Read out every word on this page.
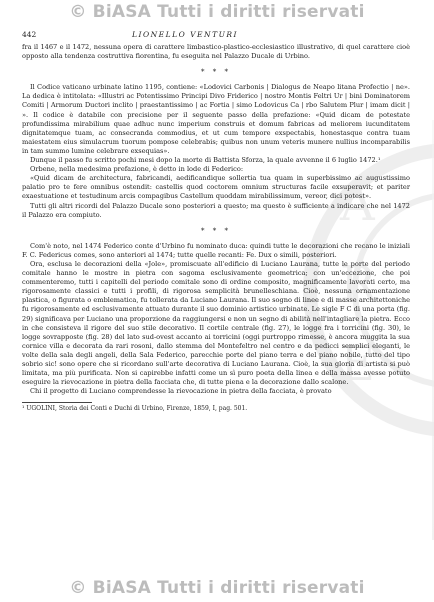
© BiASA Tutti i diritti riservati
A
R
E
442	LIONELLO VENTURI

fra il 1467 e il 1472, nessuna opera di carattere limbastico-plastico-ecclesiastico illustrativo, di quel carattere cioè opposto alla tendenza costruttiva fiorentina, fu eseguita nel Palazzo Ducale di Urbino.

* * *

Il Codice vaticano urbinate latino 1195, contiene: «Lodovici Carbonis | Dialogus de Neapo litana Profectio | ne». La dedica è intitolata: «Illustri ac Potentissimo Principi Divo Friderico | nostro Montis Feltri Ur | bini Dominatorem Comiti | Armorum Ductori inclito | praestantissimo | ac Fortia | simo Lodovicus Ca | rbo Salutem Plur | imam dicit | ». Il codice è databile con precisione per il seguente passo della prefazione: «Quid dicam de potestate profundissima mirabilium quae adhuc nunc imperium construis et domum fabricas ad meliorem iucunditatem dignitatemque tuam, ac consecranda commodius, et ut cum tempore exspectabis, honestasque contra tuam maiestatem eius simulacrum tuorum pompose celebrabis; quibus non unum veteris munere nullius incomparabilis in tam summo lumine celebrare exsequias».

Dunque il passo fu scritto pochi mesi dopo la morte di Battista Sforza, la quale avvenne il 6 luglio 1472.¹

Orbene, nella medesima prefazione, è detto in lode di Federico:

«Quid dicam de architectura, fabricandi, aedificandique sollertia tua quam in superbissimo ac augustissimo palatio pro te fere omnibus ostendit: castellis quod coctorem omnium structuras facile exsuperavit; et pariter exaestuatione et testudinum arcis compagibus Castellum quoddam mirabilissimum, vereor, dici potest».

Tutti gli altri ricordi del Palazzo Ducale sono posteriori a questo; ma questo è sufficiente a indicare che nel 1472 il Palazzo era compiuto.

* * *

Com'è noto, nel 1474 Federico conte d'Urbino fu nominato duca: quindi tutte le decorazioni che recano le iniziali F. C. Federicus comes, sono anteriori al 1474; tutte quelle recanti: Fe. Dux o simili, posteriori.

Ora, esclusa le decorazioni della «Jole», promiscuate all'edificio di Luciano Laurana, tutte le porte del periodo comitale hanno le mostre in pietra con sagoma esclusivamente geometrica; con un'eccezione, che poi commenteremo, tutti i capitelli del periodo comitale sono di ordine composito, magnificamente lavorati certo, ma rigorosamente classici e tutti i profili, di rigorosa semplicità brunelleschiana. Cioè, nessuna ornamentazione plastica, o figurata o emblematica, fu tollerata da Luciano Laurana. Il suo sogno di linee e di masse architettoniche fu rigorosamente ed esclusivamente attuato durante il suo dominio artistico urbinate. Le sigle F C di una porta (fig. 29) significava per Luciano una proporzione da raggiungersi e non un segno di abilità nell'intagliare la pietra. Ecco in che consisteva il rigore del suo stile decorativo. Il cortile centrale (fig. 27), le logge fra i torricini (fig. 30), le logge sovrapposte (fig. 28) del lato sud-ovest accanto ai torricini (oggi purtroppo rimesse, è ancora muggita la sua cornice villa e decorata da rari rosoni, dallo stemma del Montefeltro nel centro e da pedicci semplici eleganti, le volte della sala degli angeli, della Sala Federico, parecchie porte del piano terra e del piano nobile, tutto del tipo sobrio sic! sono opere che si ricordano sull'arte decorativa di Luciano Laurana. Cioè, la sua gloria di artista si può limitata, ma più purificata. Non si capirebbe infatti come un sì puro poeta della linea e della massa avesse potuto eseguire la rievocazione in pietra della facciata che, di tutte piena e la decorazione dallo scalone.

Chi il progetto di Luciano comprendesse la rievocazione in pietra della facciata, è provato

¹ UGOLINI, Storia dei Conti e Duchi di Urbino, Firenze, 1859, I, pag. 501.
© BiASA Tutti i diritti riservati
